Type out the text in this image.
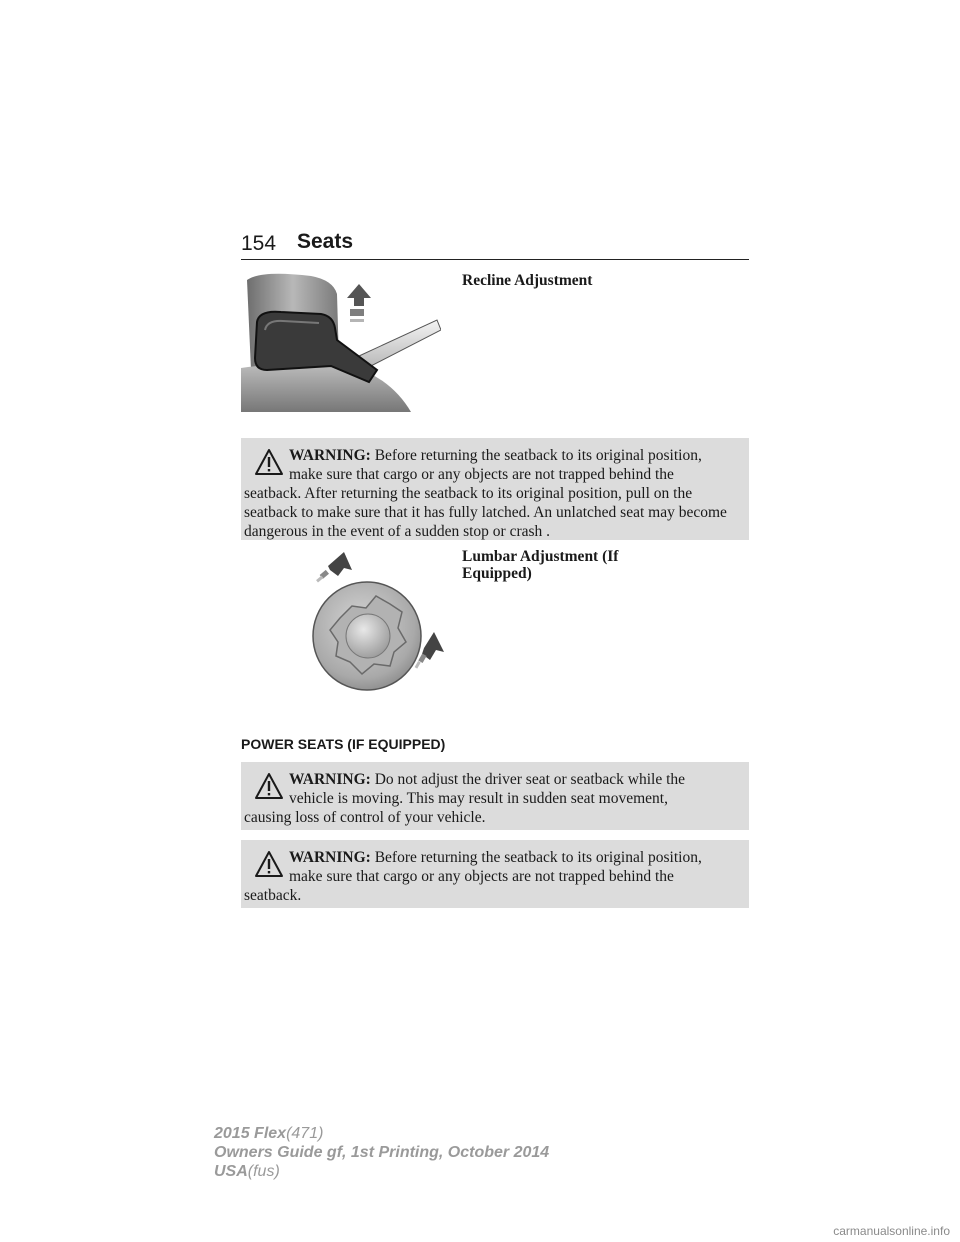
154 Seats
Recline Adjustment
WARNING: Before returning the seatback to its original position,
make sure that cargo or any objects are not trapped behind the
seatback. After returning the seatback to its original position, pull on the seatback to make sure that it has fully latched. An unlatched seat may become dangerous in the event of a sudden stop or crash .
Lumbar Adjustment (If
Equipped)
POWER SEATS (IF EQUIPPED)
WARNING: Do not adjust the driver seat or seatback while the
vehicle is moving. This may result in sudden seat movement,
causing loss of control of your vehicle.
WARNING: Before returning the seatback to its original position,
make sure that cargo or any objects are not trapped behind the
seatback.
2015 Flex(471)
Owners Guide gf, 1st Printing, October 2014
USA(fus)
carmanualsonline.info
